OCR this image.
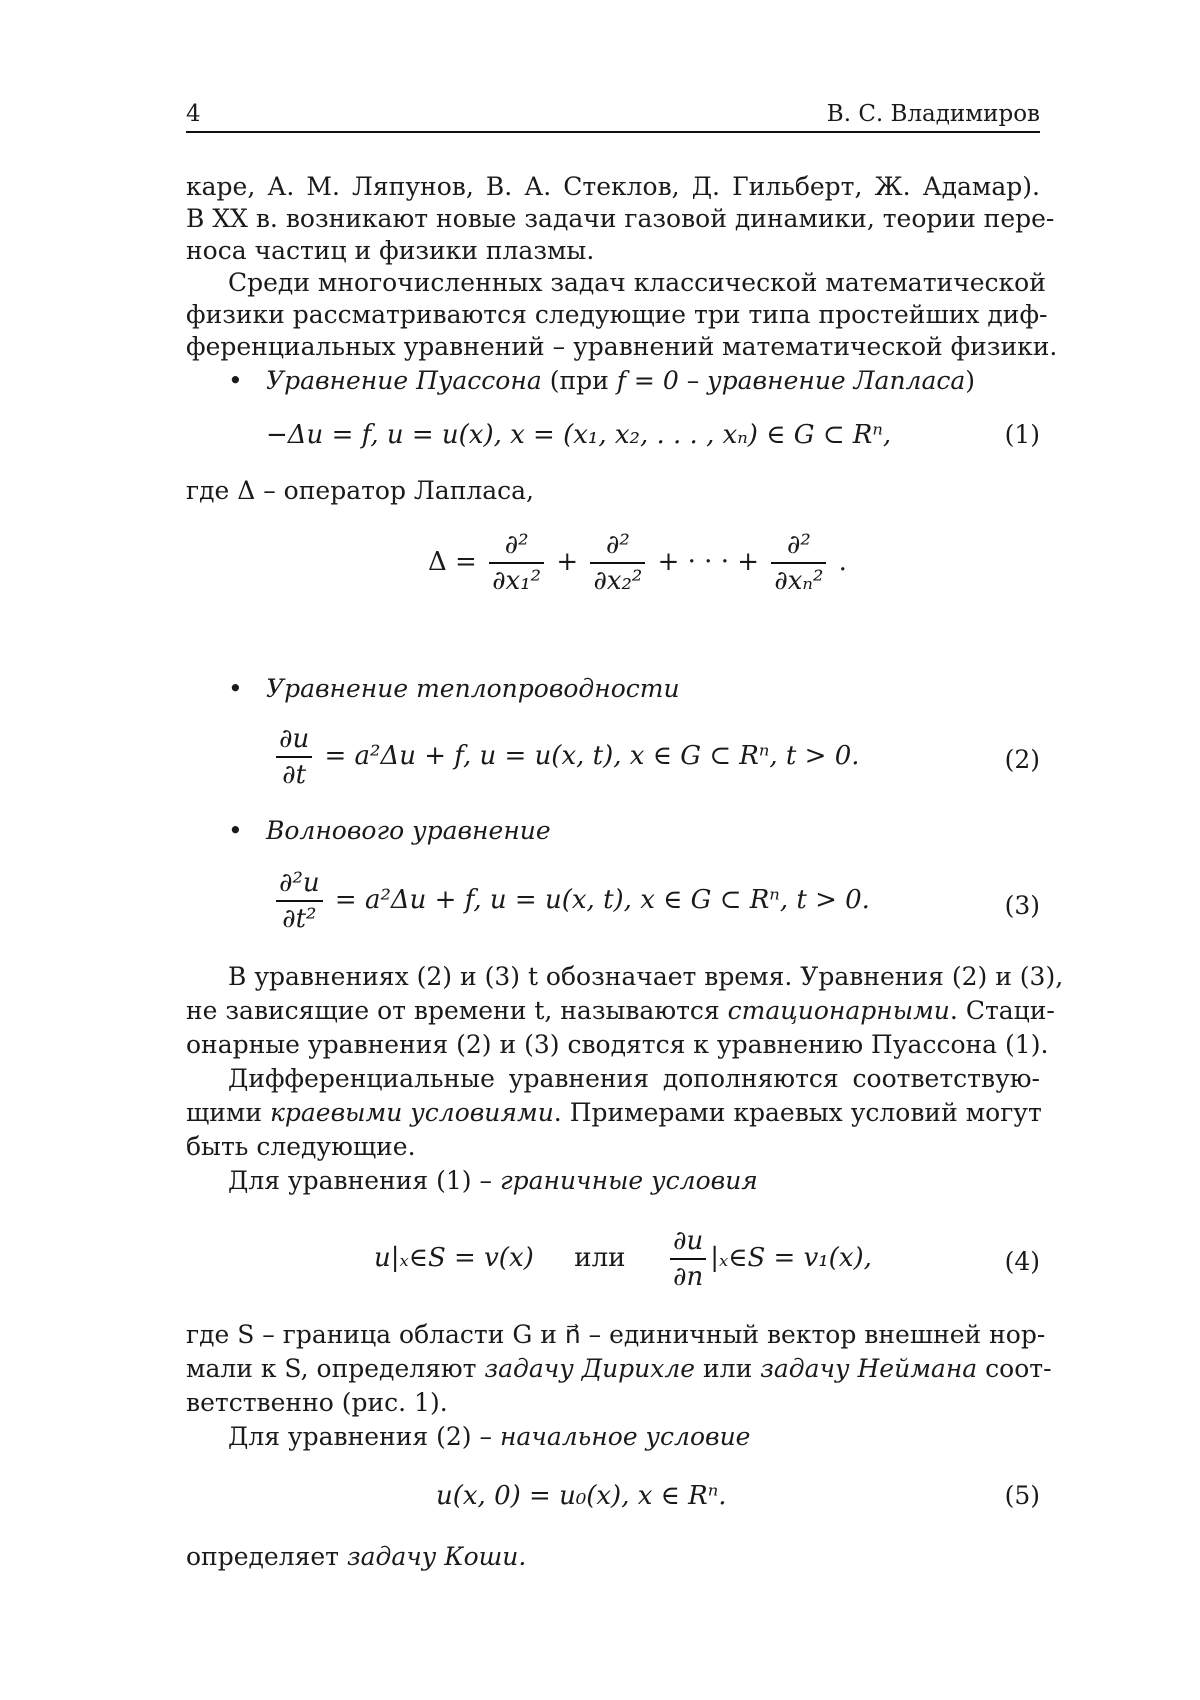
4	В. С. Владимиров
каре, А. М. Ляпунов, В. А. Стеклов, Д. Гильберт, Ж. Адамар).
В XX в. возникают новые задачи газовой динамики, теории пере-
носа частиц и физики плазмы.
Среди многочисленных задач классической математической
физики рассматриваются следующие три типа простейших диф-
ференциальных уравнений – уравнений математической физики.
• Уравнение Пуассона (при f = 0 – уравнение Лапласа)
−Δu = f, u = u(x), x = (x₁, x₂, . . . , xₙ) ∈ G ⊂ Rⁿ,	(1)
где Δ – оператор Лапласа,
$\Delta = \frac{\text{∂²}}{\text{∂x₁²}} + \frac{\text{∂²}}{\text{∂x₂²}}$ + · · · + $\frac{\text{∂²}}{\text{∂xₙ²}}$ .
• Уравнение теплопроводности
$\frac{\partial u}{\partial t} = a^2\Delta u + f$, u = u(x, t), x ∈ G ⊂ Rⁿ, t > 0.	(2)
• Волнового уравнение
$\frac{\text{∂²u}}{\text{∂t²}} = a^2\Delta u + f$, u = u(x, t), x ∈ G ⊂ Rⁿ, t > 0.	(3)
В уравнениях (2) и (3) t обозначает время. Уравнения (2) и (3),
не зависящие от времени t, называются стационарными. Стаци-
онарные уравнения (2) и (3) сводятся к уравнению Пуассона (1).
Дифференциальные уравнения дополняются соответствую-
щими краевыми условиями. Примерами краевых условий могут
быть следующие.
Для уравнения (1) – граничные условия
u|ₓ∈S = v(x) или $\frac{\partial u}{\partial n}$ |ₓ∈S = v₁(x),	(4)
где S – граница области G и n⃗ – единичный вектор внешней нор-
мали к S, определяют задачу Дирихле или задачу Неймана соот-
ветственно (рис. 1).
Для уравнения (2) – начальное условие
u(x, 0) = u₀(x), x ∈ Rⁿ.	(5)
определяет задачу Коши.
